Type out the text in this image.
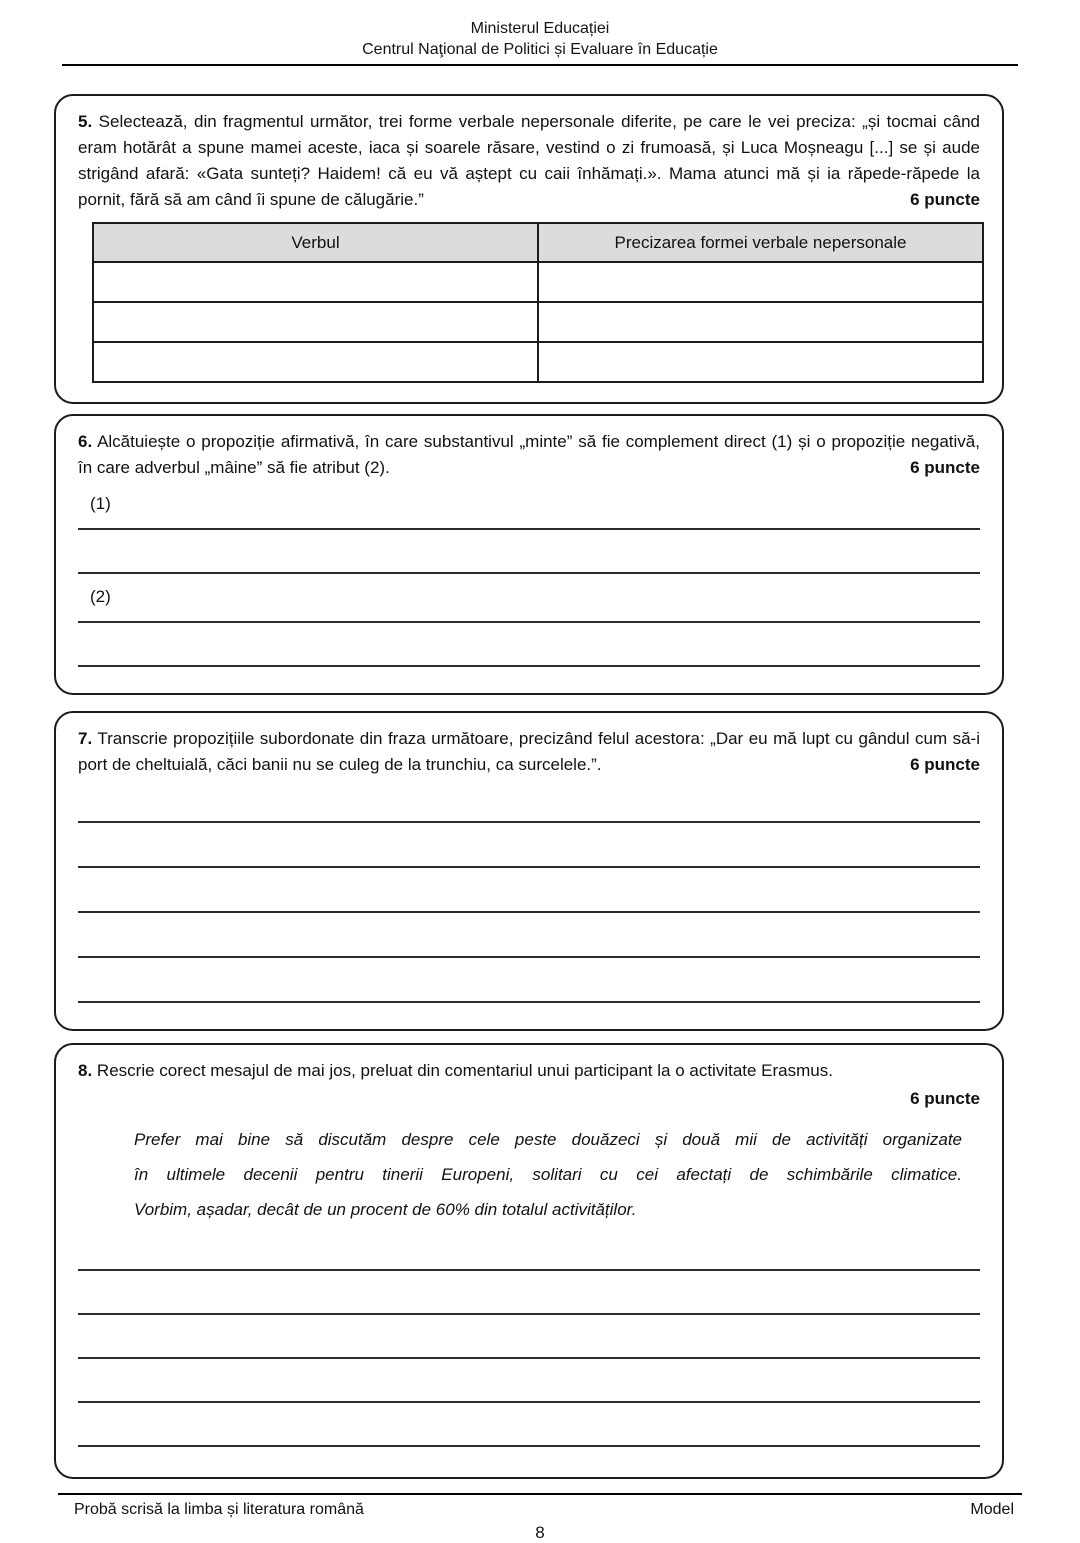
Ministerul Educației
Centrul Naţional de Politici și Evaluare în Educație

5. Selectează, din fragmentul următor, trei forme verbale nepersonale diferite, pe care le vei preciza: „și tocmai când eram hotărât a spune mamei aceste, iaca și soarele răsare, vestind o zi frumoasă, și Luca Moșneagu [...] se și aude strigând afară: «Gata sunteți? Haidem! că eu vă aștept cu caii înhămați.». Mama atunci mă și ia răpede-răpede la pornit, fără să am când îi spune de călugărie.”	6 puncte

Verbul	Precizarea formei verbale nepersonale

6. Alcătuiește o propoziție afirmativă, în care substantivul „minte” să fie complement direct (1) și o propoziție negativă, în care adverbul „mâine” să fie atribut (2).	6 puncte

(1)
(2)

7. Transcrie propozițiile subordonate din fraza următoare, precizând felul acestora: „Dar eu mă lupt cu gândul cum să-i port de cheltuială, căci banii nu se culeg de la trunchiu, ca surcelele.”.	6 puncte

8. Rescrie corect mesajul de mai jos, preluat din comentariul unui participant la o activitate Erasmus.

6 puncte
Prefer mai bine să discutăm despre cele peste douăzeci și două mii de activități organizate
în ultimele decenii pentru tinerii Europeni, solitari cu cei afectați de schimbările climatice.
Vorbim, așadar, decât de un procent de 60% din totalul activităților.
Probă scrisă la limba și literatura română	Model
8
